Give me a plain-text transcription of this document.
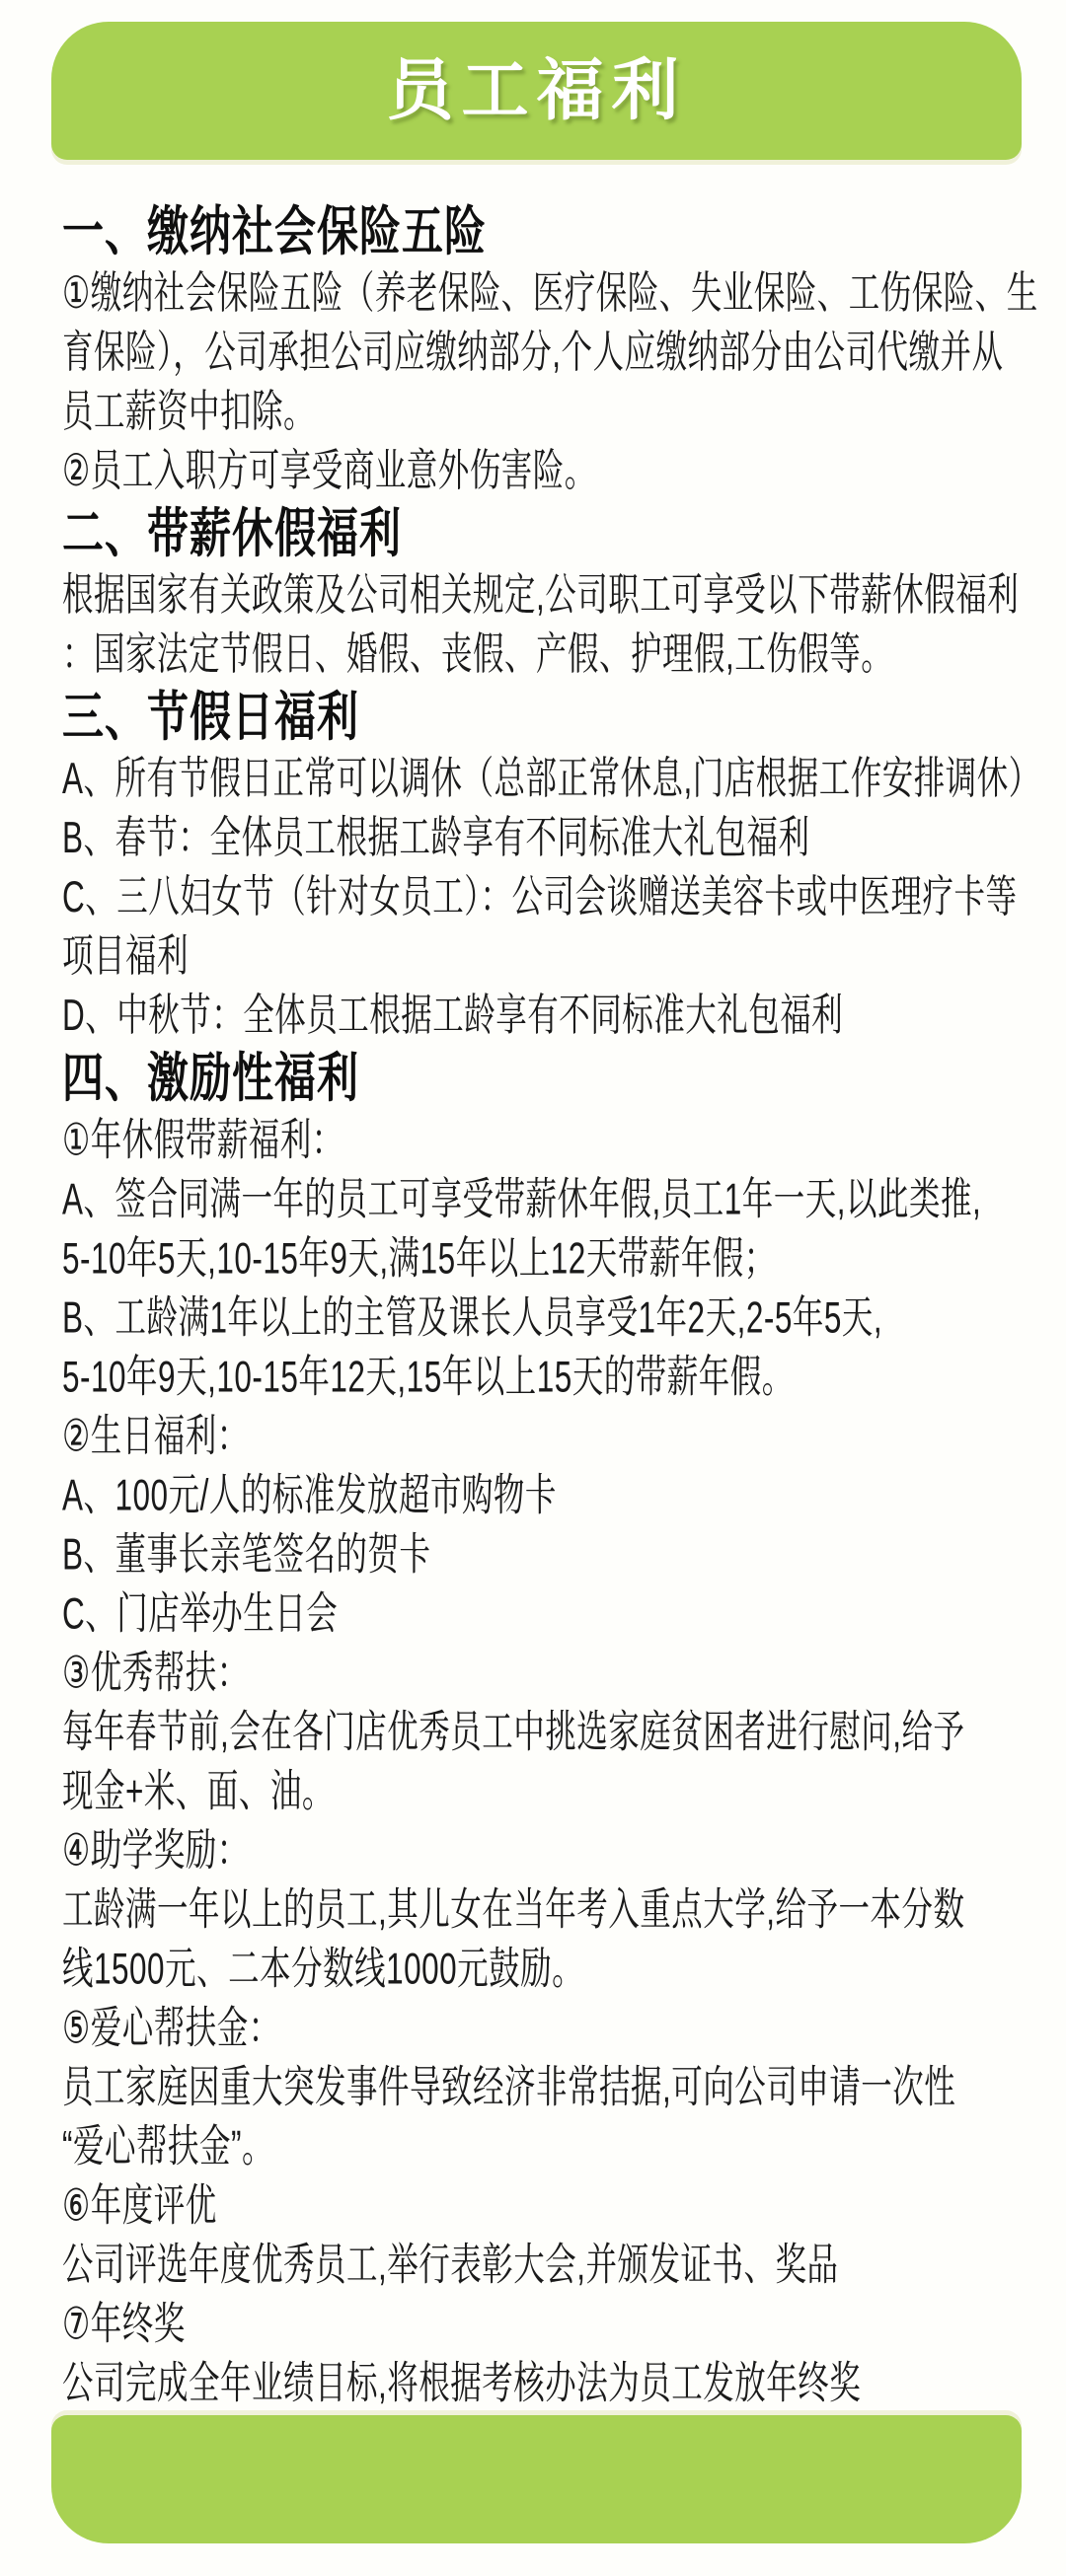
员工福利
一、缴纳社会保险五险
①缴纳社会保险五险（养老保险、医疗保险、失业保险、工伤保险、生
育保险），公司承担公司应缴纳部分,个人应缴纳部分由公司代缴并从
员工薪资中扣除。
②员工入职方可享受商业意外伤害险。
二、带薪休假福利
根据国家有关政策及公司相关规定,公司职工可享受以下带薪休假福利
：国家法定节假日、婚假、丧假、产假、护理假,工伤假等。
三、节假日福利
A、所有节假日正常可以调休（总部正常休息,门店根据工作安排调休）
B、春节：全体员工根据工龄享有不同标准大礼包福利
C、三八妇女节（针对女员工）：公司会谈赠送美容卡或中医理疗卡等
项目福利
D、中秋节：全体员工根据工龄享有不同标准大礼包福利
四、激励性福利
①年休假带薪福利：
A、签合同满一年的员工可享受带薪休年假,员工1年一天,以此类推,
5-10年5天,10-15年9天,满15年以上12天带薪年假；
B、工龄满1年以上的主管及课长人员享受1年2天,2-5年5天,
5-10年9天,10-15年12天,15年以上15天的带薪年假。
②生日福利：
A、100元/人的标准发放超市购物卡
B、董事长亲笔签名的贺卡
C、门店举办生日会
③优秀帮扶：
每年春节前,会在各门店优秀员工中挑选家庭贫困者进行慰问,给予
现金+米、面、油。
④助学奖励：
工龄满一年以上的员工,其儿女在当年考入重点大学,给予一本分数
线1500元、二本分数线1000元鼓励。
⑤爱心帮扶金：
员工家庭因重大突发事件导致经济非常拮据,可向公司申请一次性
“爱心帮扶金”。
⑥年度评优
公司评选年度优秀员工,举行表彰大会,并颁发证书、奖品
⑦年终奖
公司完成全年业绩目标,将根据考核办法为员工发放年终奖
